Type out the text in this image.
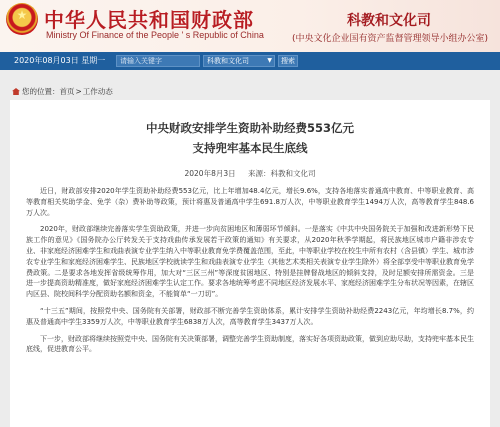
★ 中华人民共和国财政部
Ministry Of Finance of the People ' s Republic of China
科教和文化司
(中央文化企业国有资产监督管理领导小组办公室)
2020年08月03日 星期一	请输入关键字	科教和文化司	▼	搜索
您的位置：首页>工作动态
中央财政安排学生资助补助经费553亿元
支持兜牢基本民生底线
2020年8月3日 来源：科教和文化司

近日，财政部安排2020年学生资助补助经费553亿元，比上年增加48.4亿元，增长9.6%，支持各地落实普通高中教育、中等职业教育、高等教育相关奖助学金、免学（杂）费补助等政策，预计将惠及普通高中学生691.8万人次，中等职业教育学生1494万人次，高等教育学生848.6万人次。

2020年，财政部继续完善落实学生资助政策，并进一步向贫困地区和薄弱环节倾斜。一是落实《中共中央国务院关于加强和改进新形势下民族工作的意见》《国务院办公厅转发关于支持戏曲传承发展若干政策的通知》有关要求，从2020年秋季学期起，将民族地区城市户籍非涉农专业、非家庭经济困难学生和戏曲表演专业学生纳入中等职业教育免学费覆盖范围，至此，中等职业学校在校生中所有农村（含县镇）学生、城市涉农专业学生和家庭经济困难学生、民族地区学校就读学生和戏曲表演专业学生（其他艺术类相关表演专业学生除外）将全部享受中等职业教育免学费政策。二是要求各地发挥省级统筹作用，加大对“三区三州”等深度贫困地区、特别是挂牌督战地区的倾斜支持，及时足额安排所需资金。三是进一步提高资助精准度，做好家庭经济困难学生认定工作。要求各地统筹考虑不同地区经济发展水平、家庭经济困难学生分布状况等因素，在辖区内区县、院校间科学分配资助名额和资金，不能简单“一刀切”。

“十三五”期间，按照党中央、国务院有关部署，财政部不断完善学生资助体系，累计安排学生资助补助经费2243亿元，年均增长8.7%，约惠及普通高中学生3359万人次，中等职业教育学生6838万人次，高等教育学生3437万人次。

下一步，财政部将继续按照党中央、国务院有关决策部署，调整完善学生资助制度，落实好各项资助政策，做到应助尽助，支持兜牢基本民生底线，促进教育公平。
